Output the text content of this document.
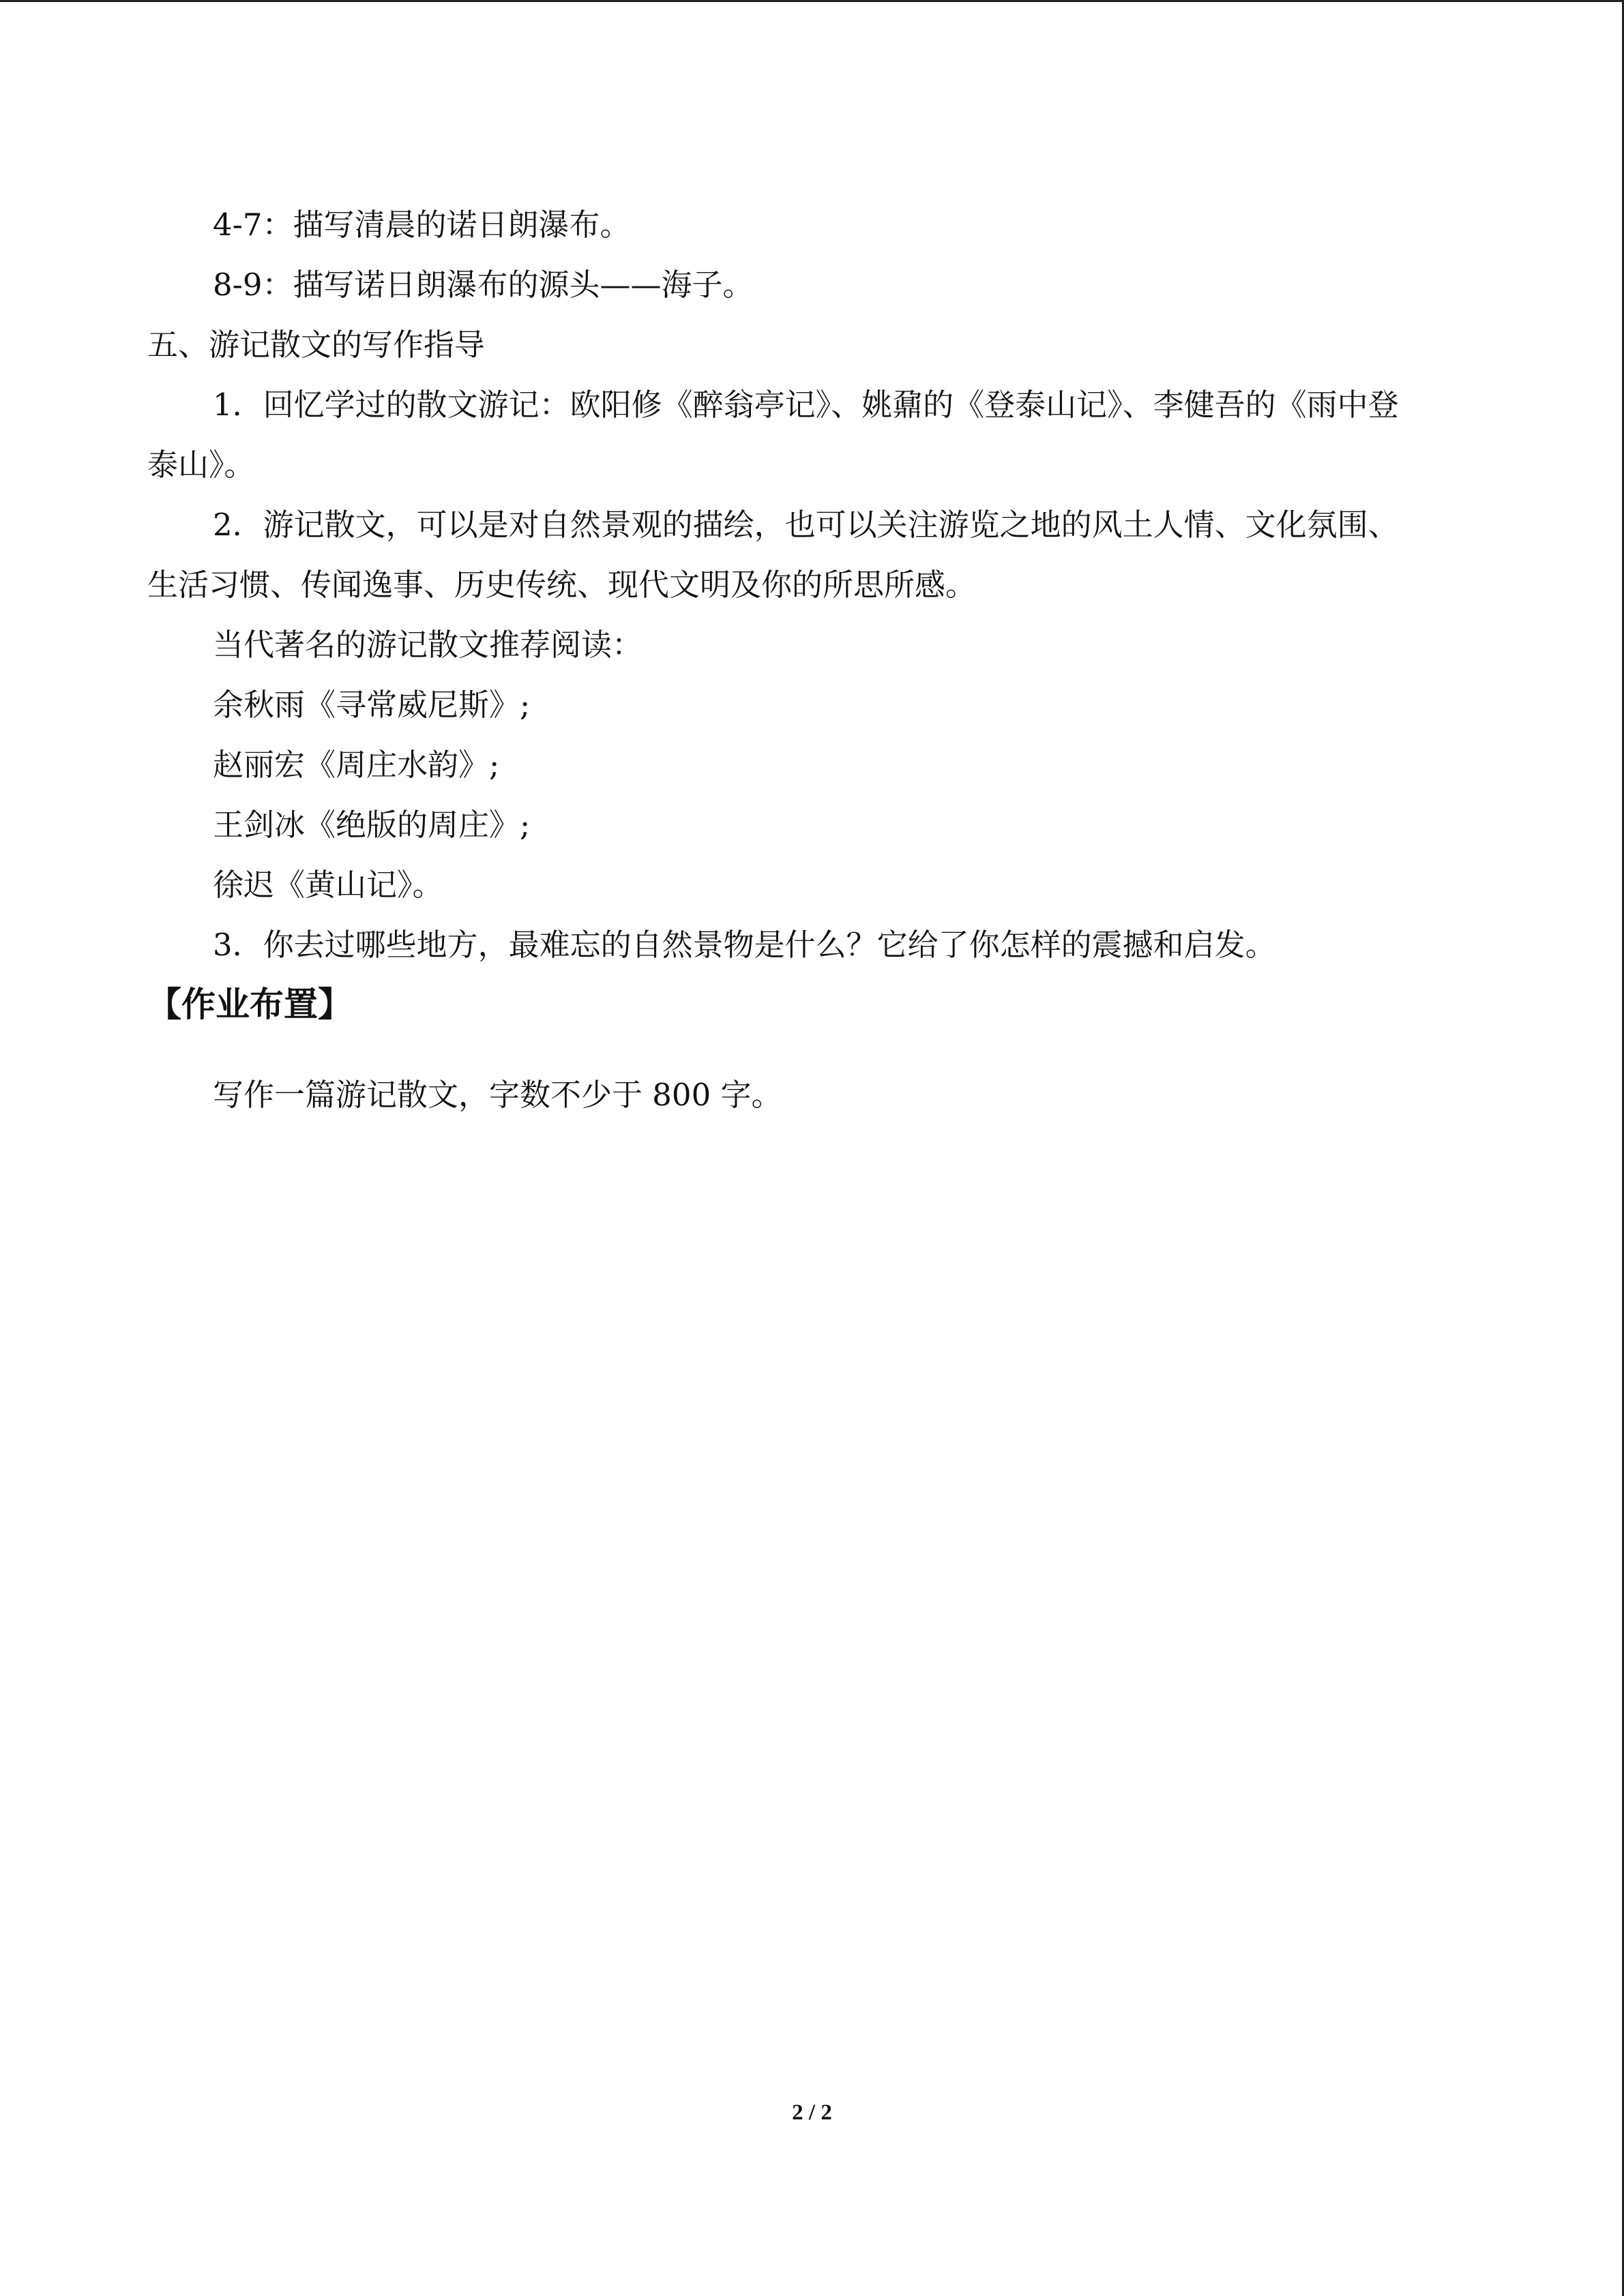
4-7：描写清晨的诺日朗瀑布。
8-9：描写诺日朗瀑布的源头——海子。
五、游记散文的写作指导
1．回忆学过的散文游记：欧阳修《醉翁亭记》、姚鼐的《登泰山记》、李健吾的《雨中登
泰山》。
2．游记散文，可以是对自然景观的描绘，也可以关注游览之地的风土人情、文化氛围、
生活习惯、传闻逸事、历史传统、现代文明及你的所思所感。
当代著名的游记散文推荐阅读：
余秋雨《寻常威尼斯》;
赵丽宏《周庄水韵》;
王剑冰《绝版的周庄》;
徐迟《黄山记》。
3．你去过哪些地方，最难忘的自然景物是什么？它给了你怎样的震撼和启发。
【作业布置】
写作一篇游记散文，字数不少于 800 字。
2 / 2
